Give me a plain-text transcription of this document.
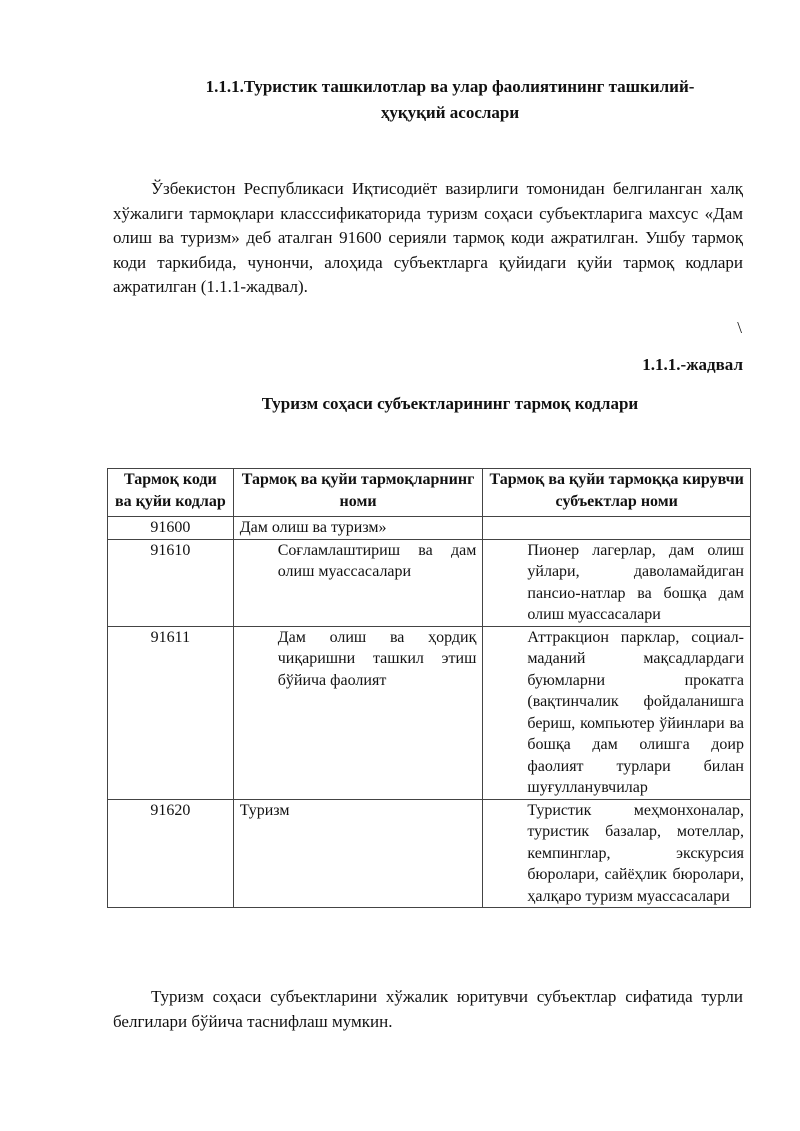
1.1.1.Туристик ташкилотлар ва улар фаолиятининг ташкилий-
ҳуқуқий асослари

Ўзбекистон Республикаси Иқтисодиёт вазирлиги томонидан белгиланган халқ хўжалиги тармоқлари класссификаторида туризм соҳаси субъектларига махсус «Дам олиш ва туризм» деб аталган 91600 серияли тармоқ коди ажратилган. Ушбу тармоқ коди таркибида, чунончи, алоҳида субъектларга қуйидаги қуйи тармоқ кодлари ажратилган (1.1.1-жадвал).

\
1.1.1.-жадвал
Туризм соҳаси субъектларининг тармоқ кодлари
Тармоқ коди ва қуйи кодлар	Тармоқ ва қуйи тармоқларнинг номи	Тармоқ ва қуйи тармоққа кирувчи субъектлар номи
91600	Дам олиш ва туризм»	
91610	Соғламлаштириш ва дам олиш муассасалари	Пионер лагерлар, дам олиш уйлари, даволамайдиган пансио-натлар ва бошқа дам олиш муассасалари

91611	Дам олиш ва ҳордиқ чиқаришни ташкил этиш бўйича фаолият	Аттракцион парклар, социал-маданий мақсадлардаги буюмларни прокатга (вақтинчалик фойдаланишга бериш, компьютер ўйинлари ва бошқа дам олишга доир фаолият турлари билан шуғулланувчилар

91620	Туризм	Туристик меҳмонхоналар, туристик базалар, мотеллар, кемпинглар, экскурсия бюролари, сайёҳлик бюролари, ҳалқаро туризм муассасалари

Туризм соҳаси субъектларини хўжалик юритувчи субъектлар сифатида турли белгилари бўйича таснифлаш мумкин.
